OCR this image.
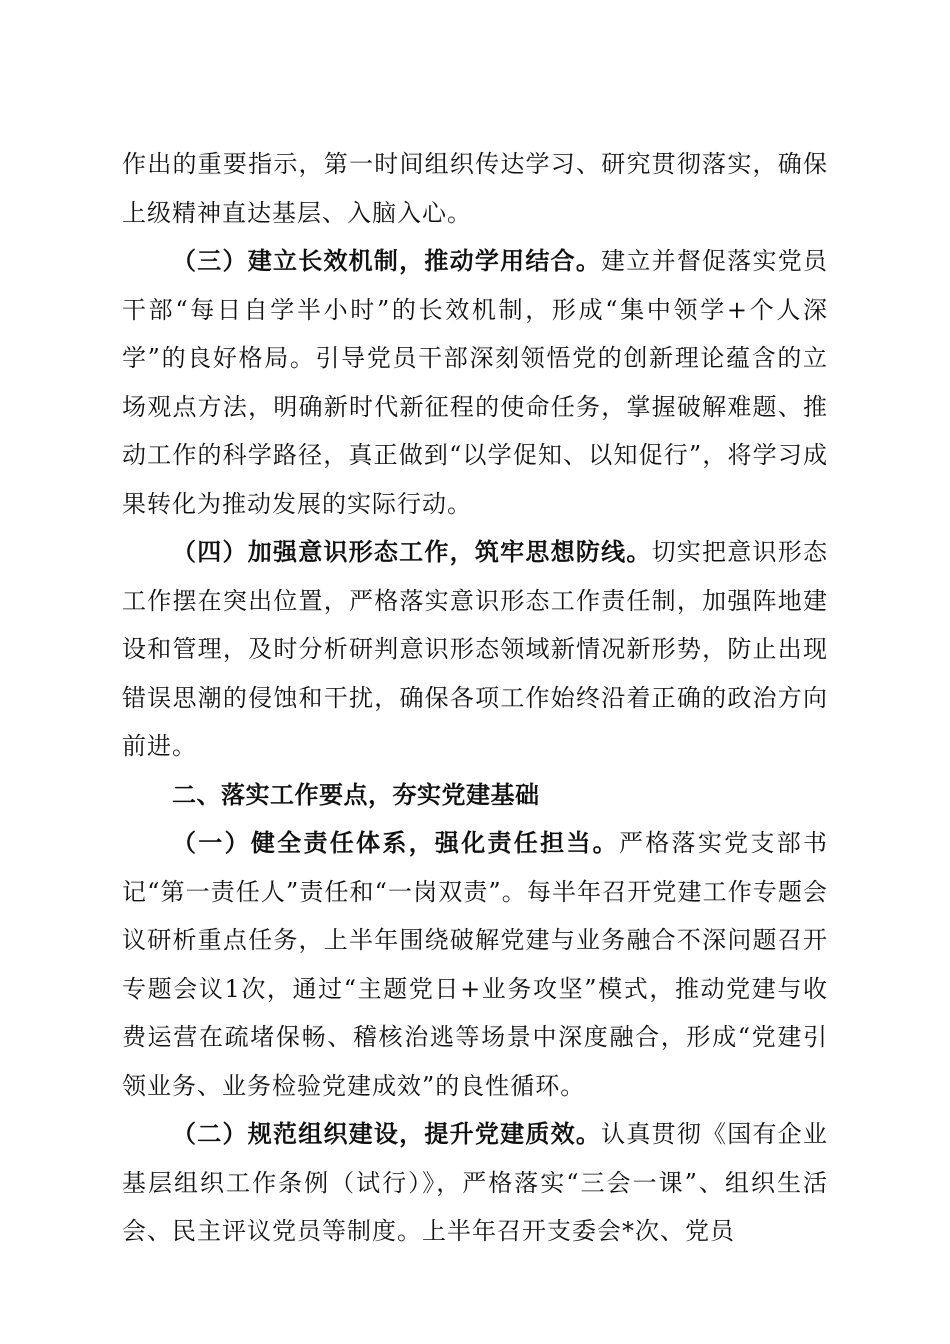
作出的重要指示，第一时间组织传达学习、研究贯彻落实，确保上级精神直达基层、入脑入心。

（三）建立长效机制，推动学用结合。建立并督促落实党员干部“每日自学半小时”的长效机制，形成“集中领学+个人深学”的良好格局。引导党员干部深刻领悟党的创新理论蕴含的立场观点方法，明确新时代新征程的使命任务，掌握破解难题、推动工作的科学路径，真正做到“以学促知、以知促行”，将学习成果转化为推动发展的实际行动。

（四）加强意识形态工作，筑牢思想防线。切实把意识形态工作摆在突出位置，严格落实意识形态工作责任制，加强阵地建设和管理，及时分析研判意识形态领域新情况新形势，防止出现错误思潮的侵蚀和干扰，确保各项工作始终沿着正确的政治方向前进。

二、落实工作要点，夯实党建基础

（一）健全责任体系，强化责任担当。严格落实党支部书记“第一责任人”责任和“一岗双责”。每半年召开党建工作专题会议研析重点任务，上半年围绕破解党建与业务融合不深问题召开专题会议1次，通过“主题党日+业务攻坚”模式，推动党建与收费运营在疏堵保畅、稽核治逃等场景中深度融合，形成“党建引领业务、业务检验党建成效”的良性循环。

（二）规范组织建设，提升党建质效。认真贯彻《国有企业基层组织工作条例（试行）》，严格落实“三会一课”、组织生活会、民主评议党员等制度。上半年召开支委会*次、党员
